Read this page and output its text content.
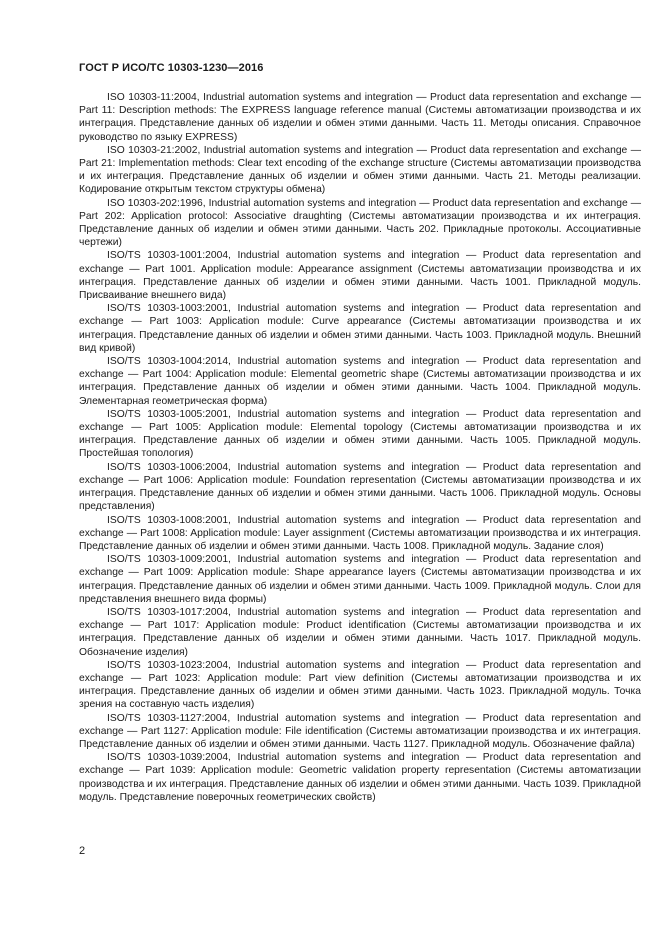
ГОСТ Р ИСО/ТС 10303-1230—2016

ISO 10303-11:2004, Industrial automation systems and integration — Product data representation and exchange — Part 11: Description methods: The EXPRESS language reference manual (Системы автоматизации производства и их интеграция. Представление данных об изделии и обмен этими данными. Часть 11. Методы описания. Справочное руководство по языку EXPRESS)

ISO 10303-21:2002, Industrial automation systems and integration — Product data representation and exchange — Part 21: Implementation methods: Clear text encoding of the exchange structure (Системы автоматизации производства и их интеграция. Представление данных об изделии и обмен этими данными. Часть 21. Методы реализации. Кодирование открытым текстом структуры обмена)

ISO 10303-202:1996, Industrial automation systems and integration — Product data representation and exchange — Part 202: Application protocol: Associative draughting (Системы автоматизации производства и их интеграция. Представление данных об изделии и обмен этими данными. Часть 202. Прикладные протоколы. Ассоциативные чертежи)

ISO/TS 10303-1001:2004, Industrial automation systems and integration — Product data representation and exchange — Part 1001. Application module: Appearance assignment (Системы автоматизации производства и их интеграция. Представление данных об изделии и обмен этими данными. Часть 1001. Прикладной модуль. Присваивание внешнего вида)

ISO/TS 10303-1003:2001, Industrial automation systems and integration — Product data representation and exchange — Part 1003: Application module: Curve appearance (Системы автоматизации производства и их интеграция. Представление данных об изделии и обмен этими данными. Часть 1003. Прикладной модуль. Внешний вид кривой)

ISO/TS 10303-1004:2014, Industrial automation systems and integration — Product data representation and exchange — Part 1004: Application module: Elemental geometric shape (Системы автоматизации производства и их интеграция. Представление данных об изделии и обмен этими данными. Часть 1004. Прикладной модуль. Элементарная геометрическая форма)

ISO/TS 10303-1005:2001, Industrial automation systems and integration — Product data representation and exchange — Part 1005: Application module: Elemental topology (Системы автоматизации производства и их интеграция. Представление данных об изделии и обмен этими данными. Часть 1005. Прикладной модуль. Простейшая топология)

ISO/TS 10303-1006:2004, Industrial automation systems and integration — Product data representation and exchange — Part 1006: Application module: Foundation representation (Системы автоматизации производства и их интеграция. Представление данных об изделии и обмен этими данными. Часть 1006. Прикладной модуль. Основы представления)

ISO/TS 10303-1008:2001, Industrial automation systems and integration — Product data representation and exchange — Part 1008: Application module: Layer assignment (Системы автоматизации производства и их интеграция. Представление данных об изделии и обмен этими данными. Часть 1008. Прикладной модуль. Задание слоя)

ISO/TS 10303-1009:2001, Industrial automation systems and integration — Product data representation and exchange — Part 1009: Application module: Shape appearance layers (Системы автоматизации производства и их интеграция. Представление данных об изделии и обмен этими данными. Часть 1009. Прикладной модуль. Слои для представления внешнего вида формы)

ISO/TS 10303-1017:2004, Industrial automation systems and integration — Product data representation and exchange — Part 1017: Application module: Product identification (Системы автоматизации производства и их интеграция. Представление данных об изделии и обмен этими данными. Часть 1017. Прикладной модуль. Обозначение изделия)

ISO/TS 10303-1023:2004, Industrial automation systems and integration — Product data representation and exchange — Part 1023: Application module: Part view definition (Системы автоматизации производства и их интеграция. Представление данных об изделии и обмен этими данными. Часть 1023. Прикладной модуль. Точка зрения на составную часть изделия)

ISO/TS 10303-1127:2004, Industrial automation systems and integration — Product data representation and exchange — Part 1127: Application module: File identification (Системы автоматизации производства и их интеграция. Представление данных об изделии и обмен этими данными. Часть 1127. Прикладной модуль. Обозначение файла)

ISO/TS 10303-1039:2004, Industrial automation systems and integration — Product data representation and exchange — Part 1039: Application module: Geometric validation property representation (Системы автоматизации производства и их интеграция. Представление данных об изделии и обмен этими данными. Часть 1039. Прикладной модуль. Представление поверочных геометрических свойств)

2
